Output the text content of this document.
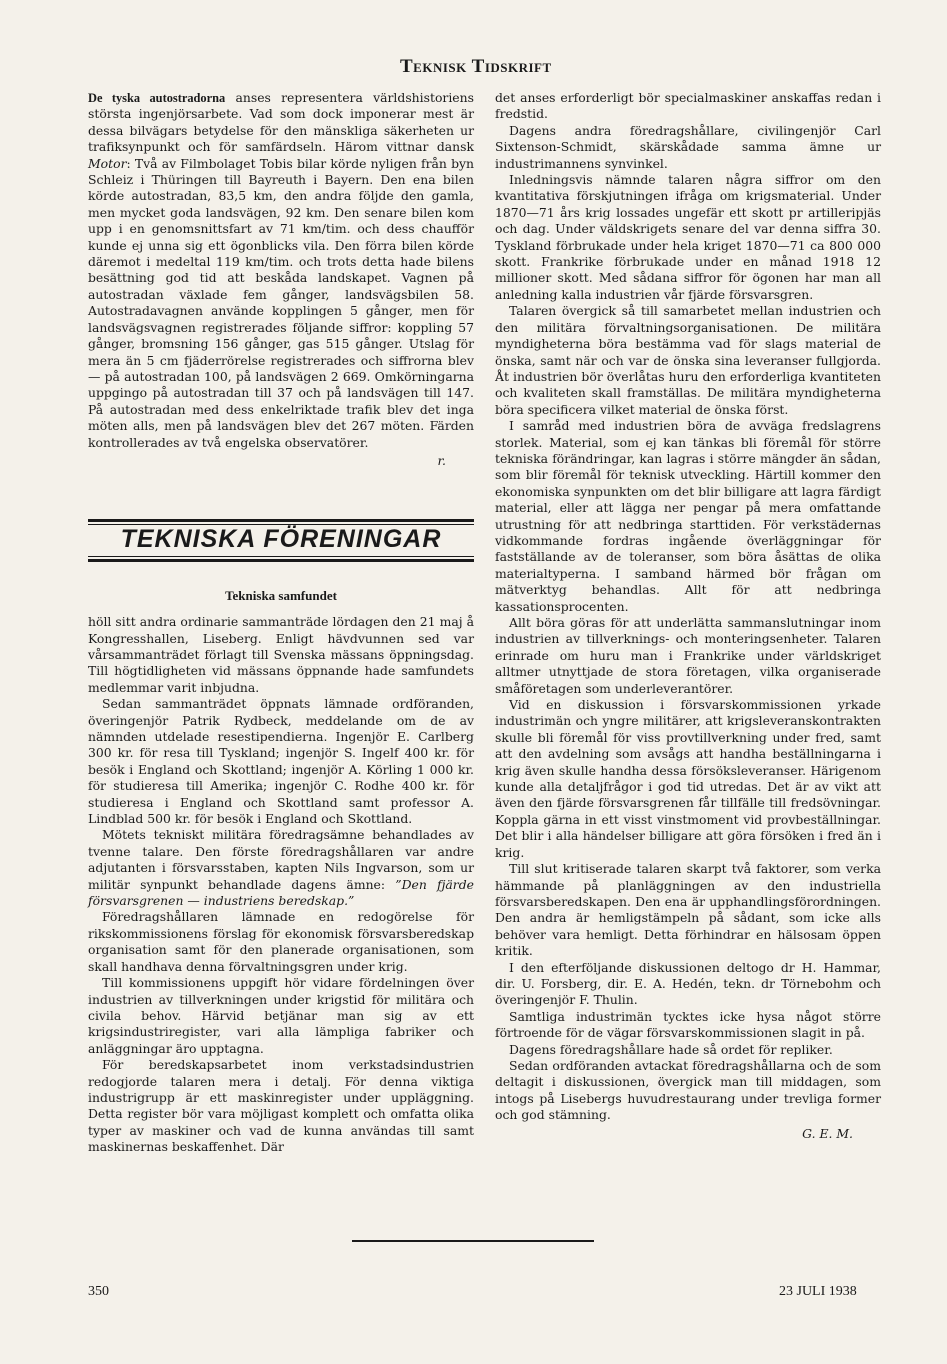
Teknisk Tidskrift

De tyska autostradorna anses representera världshistoriens största ingenjörsarbete. Vad som dock imponerar mest är dessa bilvägars betydelse för den mänskliga säkerheten ur trafiksynpunkt och för samfärdseln. Härom vittnar dansk Motor: Två av Filmbolaget Tobis bilar körde nyligen från byn Schleiz i Thüringen till Bayreuth i Bayern. Den ena bilen körde autostradan, 83,5 km, den andra följde den gamla, men mycket goda landsvägen, 92 km. Den senare bilen kom upp i en genomsnittsfart av 71 km/tim. och dess chaufför kunde ej unna sig ett ögonblicks vila. Den förra bilen körde däremot i medeltal 119 km/tim. och trots detta hade bilens besättning god tid att beskåda landskapet. Vagnen på autostradan växlade fem gånger, landsvägsbilen 58. Autostradavagnen använde kopplingen 5 gånger, men för landsvägsvagnen registrerades följande siffror: koppling 57 gånger, bromsning 156 gånger, gas 515 gånger. Utslag för mera än 5 cm fjäderrörelse registrerades och siffrorna blev — på autostradan 100, på landsvägen 2 669. Omkörningarna uppgingo på autostradan till 37 och på landsvägen till 147. På autostradan med dess enkelriktade trafik blev det inga möten alls, men på landsvägen blev det 267 möten. Färden kontrollerades av två engelska observatörer.

r.
TEKNISKA FÖRENINGAR
Tekniska samfundet

höll sitt andra ordinarie sammanträde lördagen den 21 maj å Kongresshallen, Liseberg. Enligt hävdvunnen sed var vårsammanträdet förlagt till Svenska mässans öppningsdag. Till högtidligheten vid mässans öppnande hade samfundets medlemmar varit inbjudna.

Sedan sammanträdet öppnats lämnade ordföranden, överingenjör Patrik Rydbeck, meddelande om de av nämnden utdelade resestipendierna. Ingenjör E. Carlberg 300 kr. för resa till Tyskland; ingenjör S. Ingelf 400 kr. för besök i England och Skottland; ingenjör A. Körling 1 000 kr. för studieresa till Amerika; ingenjör C. Rodhe 400 kr. för studieresa i England och Skottland samt professor A. Lindblad 500 kr. för besök i England och Skottland.

Mötets tekniskt militära föredragsämne behandlades av tvenne talare. Den förste föredragshållaren var andre adjutanten i försvarsstaben, kapten Nils Ingvarson, som ur militär synpunkt behandlade dagens ämne: ”Den fjärde försvarsgrenen — industriens beredskap.”

Föredragshållaren lämnade en redogörelse för rikskommissionens förslag för ekonomisk försvarsberedskap organisation samt för den planerade organisationen, som skall handhava denna förvaltningsgren under krig.

Till kommissionens uppgift hör vidare fördelningen över industrien av tillverkningen under krigstid för militära och civila behov. Härvid betjänar man sig av ett krigsindustriregister, vari alla lämpliga fabriker och anläggningar äro upptagna.

För beredskapsarbetet inom verkstadsindustrien redogjorde talaren mera i detalj. För denna viktiga industrigrupp är ett maskinregister under uppläggning. Detta register bör vara möjligast komplett och omfatta olika typer av maskiner och vad de kunna användas till samt maskinernas beskaffenhet. Där

det anses erforderligt bör specialmaskiner anskaffas redan i fredstid.

Dagens andra föredragshållare, civilingenjör Carl Sixtenson-Schmidt, skärskådade samma ämne ur industrimannens synvinkel.

Inledningsvis nämnde talaren några siffror om den kvantitativa förskjutningen ifråga om krigsmaterial. Under 1870—71 års krig lossades ungefär ett skott pr artilleripjäs och dag. Under väldskrigets senare del var denna siffra 30. Tyskland förbrukade under hela kriget 1870—71 ca 800 000 skott. Frankrike förbrukade under en månad 1918 12 millioner skott. Med sådana siffror för ögonen har man all anledning kalla industrien vår fjärde försvarsgren.

Talaren övergick så till samarbetet mellan industrien och den militära förvaltningsorganisationen. De militära myndigheterna böra bestämma vad för slags material de önska, samt när och var de önska sina leveranser fullgjorda. Åt industrien bör överlåtas huru den erforderliga kvantiteten och kvaliteten skall framställas. De militära myndigheterna böra specificera vilket material de önska först.

I samråd med industrien böra de avväga fredslagrens storlek. Material, som ej kan tänkas bli föremål för större tekniska förändringar, kan lagras i större mängder än sådan, som blir föremål för teknisk utveckling. Härtill kommer den ekonomiska synpunkten om det blir billigare att lagra färdigt material, eller att lägga ner pengar på mera omfattande utrustning för att nedbringa starttiden. För verkstädernas vidkommande fordras ingående överläggningar för fastställande av de toleranser, som böra åsättas de olika materialtyperna. I samband härmed bör frågan om mätverktyg behandlas. Allt för att nedbringa kassationsprocenten.

Allt böra göras för att underlätta sammanslutningar inom industrien av tillverknings- och monteringsenheter. Talaren erinrade om huru man i Frankrike under världskriget alltmer utnyttjade de stora företagen, vilka organiserade småföretagen som underleverantörer.

Vid en diskussion i försvarskommissionen yrkade industrimän och yngre militärer, att krigsleveranskontrakten skulle bli föremål för viss provtillverkning under fred, samt att den avdelning som avsågs att handha beställningarna i krig även skulle handha dessa försöksleveranser. Härigenom kunde alla detaljfrågor i god tid utredas. Det är av vikt att även den fjärde försvarsgrenen får tillfälle till fredsövningar. Koppla gärna in ett visst vinstmoment vid provbeställningar. Det blir i alla händelser billigare att göra försöken i fred än i krig.

Till slut kritiserade talaren skarpt två faktorer, som verka hämmande på planläggningen av den industriella försvarsberedskapen. Den ena är upphandlingsförordningen. Den andra är hemligstämpeln på sådant, som icke alls behöver vara hemligt. Detta förhindrar en hälsosam öppen kritik.

I den efterföljande diskussionen deltogo dr H. Hammar, dir. U. Forsberg, dir. E. A. Hedén, tekn. dr Törnebohm och överingenjör F. Thulin.

Samtliga industrimän tycktes icke hysa något större förtroende för de vägar försvarskommissionen slagit in på.

Dagens föredragshållare hade så ordet för repliker.

Sedan ordföranden avtackat föredragshållarna och de som deltagit i diskussionen, övergick man till middagen, som intogs på Lisebergs huvudrestaurang under trevliga former och god stämning.

G. E. M.
350	23 JULI 1938
